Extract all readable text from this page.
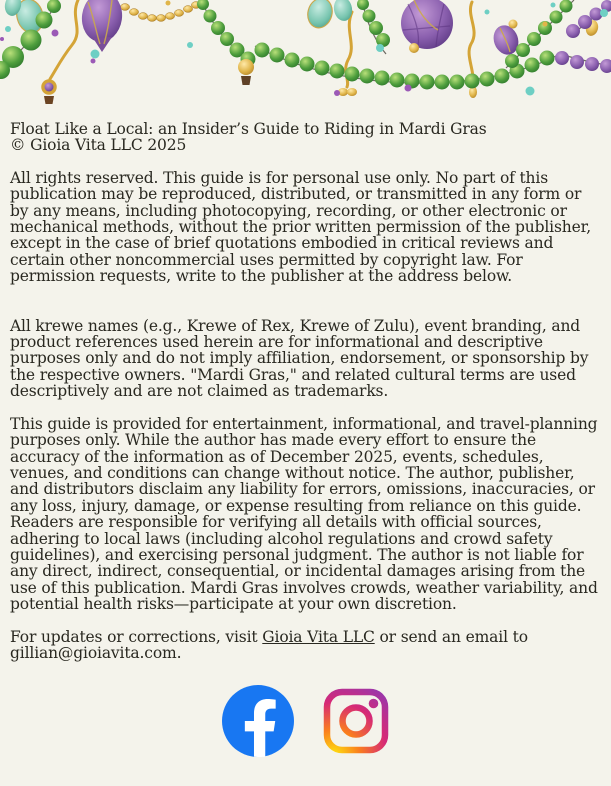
Float Like a Local: an Insider’s Guide to Riding in Mardi Gras
© Gioia Vita LLC 2025

All rights reserved. This guide is for personal use only. No part of this publication may be reproduced, distributed, or transmitted in any form or by any means, including photocopying, recording, or other electronic or mechanical methods, without the prior written permission of the publisher, except in the case of brief quotations embodied in critical reviews and certain other noncommercial uses permitted by copyright law. For permission requests, write to the publisher at the address below.

All krewe names (e.g., Krewe of Rex, Krewe of Zulu), event branding, and product references used herein are for informational and descriptive purposes only and do not imply affiliation, endorsement, or sponsorship by the respective owners. "Mardi Gras," and related cultural terms are used descriptively and are not claimed as trademarks.

This guide is provided for entertainment, informational, and travel-planning purposes only. While the author has made every effort to ensure the accuracy of the information as of December 2025, events, schedules, venues, and conditions can change without notice. The author, publisher, and distributors disclaim any liability for errors, omissions, inaccuracies, or any loss, injury, damage, or expense resulting from reliance on this guide. Readers are responsible for verifying all details with official sources, adhering to local laws (including alcohol regulations and crowd safety guidelines), and exercising personal judgment. The author is not liable for any direct, indirect, consequential, or incidental damages arising from the use of this publication. Mardi Gras involves crowds, weather variability, and potential health risks—participate at your own discretion.

For updates or corrections, visit Gioia Vita LLC or send an email to gillian@gioiavita.com.
